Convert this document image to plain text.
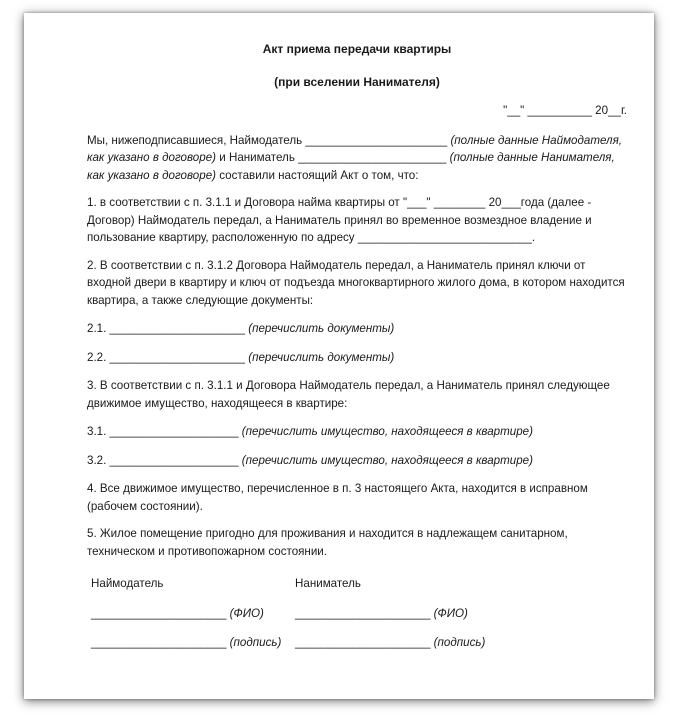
Акт приема передачи квартиры

(при вселении Нанимателя)

"__" __________ 20__г.

Мы, нижеподписавшиеся, Наймодатель ______________________ (полные данные Наймодателя, как указано в договоре) и Наниматель _______________________ (полные данные Нанимателя, как указано в договоре) составили настоящий Акт о том, что:

1. в соответствии с п. 3.1.1 и Договора найма квартиры от "___" ________ 20___года (далее - Договор) Наймодатель передал, а Наниматель принял во временное возмездное владение и пользование квартиру, расположенную по адресу ___________________________.

2. В соответствии с п. 3.1.2 Договора Наймодатель передал, а Наниматель принял ключи от входной двери в квартиру и ключ от подъезда многоквартирного жилого дома, в котором находится квартира, а также следующие документы:

2.1. _____________________ (перечислить документы)

2.2. _____________________ (перечислить документы)

3. В соответствии с п. 3.1.1 и Договора Наймодатель передал, а Наниматель принял следующее движимое имущество, находящееся в квартире:

3.1. ____________________ (перечислить имущество, находящееся в квартире)

3.2. ____________________ (перечислить имущество, находящееся в квартире)

4. Все движимое имущество, перечисленное в п. 3 настоящего Акта, находится в исправном (рабочем состоянии).

5. Жилое помещение пригодно для проживания и находится в надлежащем санитарном, техническом и противопожарном состоянии.

Наймодатель
_____________________ (ФИО)
_____________________ (подпись)
Наниматель
_____________________ (ФИО)
_____________________ (подпись)
